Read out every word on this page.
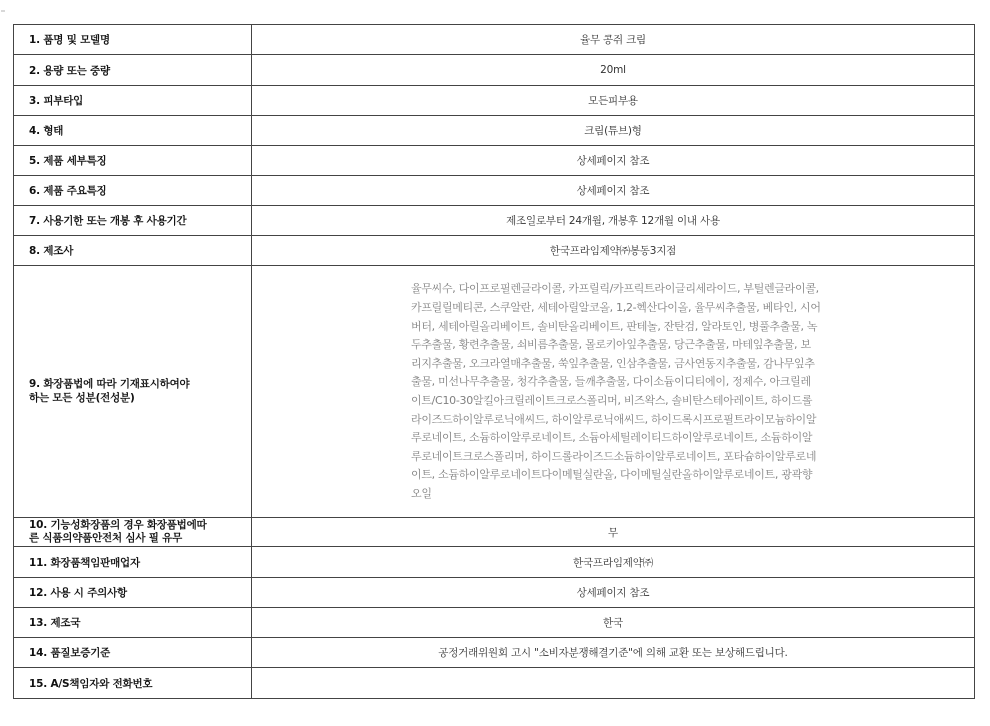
1. 품명 및 모델명	율무 콩쥐 크림
2. 용량 또는 중량	20ml
3. 피부타입	모든피부용
4. 형태	크림(튜브)형
5. 제품 세부특징	상세페이지 참조
6. 제품 주요특징	상세페이지 참조
7. 사용기한 또는 개봉 후 사용기간	제조일로부터 24개월, 개봉후 12개월 이내 사용
8. 제조사	한국프라임제약㈜봉동3지점

9. 화장품법에 따라 기재표시하여야
하는 모든 성분(전성분)	율무씨수, 다이프로필렌글라이콜, 카프릴릭/카프릭트라이글리세라이드, 부틸렌글라이콜, 카프릴릴메티콘, 스쿠알란, 세테아릴알코올, 1,2-헥산다이올, 율무씨추출물, 베타인, 시어버터, 세테아릴올리베이트, 솔비탄올리베이트, 판테놀, 잔탄검, 알라토인, 병풀추출물, 녹두추출물, 황련추출물, 쇠비름추출물, 몰로키아잎추출물, 당근추출물, 마테잎추출물, 보리지추출물, 오크라열매추출물, 쑥잎추출물, 인삼추출물, 금사연동지추출물, 감나무잎추출물, 미선나무추출물, 청각추출물, 들깨추출물, 다이소듐이디티에이, 정제수, 아크릴레이트/C10-30알킬아크릴레이트크로스폴리머, 비즈왁스, 솔비탄스테아레이트, 하이드롤라이즈드하이알루로닉애씨드, 하이알루로닉애씨드, 하이드록시프로필트라이모늄하이알루로네이트, 소듐하이알루로네이트, 소듐아세틸레이티드하이알루로네이트, 소듐하이알루로네이트크로스폴리머, 하이드롤라이즈드소듐하이알루로네이트, 포타슘하이알루로네이트, 소듐하이알루로네이트다이메틸실란올, 다이메틸실란올하이알루로네이트, 광곽향오일

10. 기능성화장품의 경우 화장품법에따
른 식품의약품안전처 심사 필 유무	무
11. 화장품책임판매업자	한국프라임제약㈜
12. 사용 시 주의사항	상세페이지 참조
13. 제조국	한국
14. 품질보증기준	공정거래위원회 고시 "소비자분쟁해결기준"에 의해 교환 또는 보상해드립니다.
15. A/S책임자와 전화번호	
